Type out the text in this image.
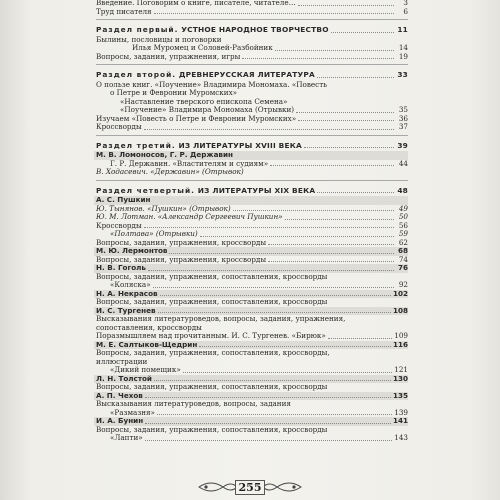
Введение. Поговорим о книге, писателе, читателе…	3
Труд писателя	6
Раздел первый. УСТНОЕ НАРОДНОЕ ТВОРЧЕСТВО	11
Былины, пословицы и поговорки
Илья Муромец и Соловей-Разбойник	14
Вопросы, задания, упражнения, игры	19
Раздел второй. ДРЕВНЕРУССКАЯ ЛИТЕРАТУРА	33
О пользе книг. «Поучение» Владимира Мономаха. «Повесть
о Петре и Февронии Муромских»
«Наставление тверского епископа Семена»
«Поучение» Владимира Мономаха (Отрывки)	35
Изучаем «Повесть о Петре и Февронии Муромских»	36
Кроссворды	37
Раздел третий. ИЗ ЛИТЕРАТУРЫ XVIII ВЕКА	39
М. В. Ломоносов, Г. Р. Державин
Г. Р. Державин. «Властителям и судиям»	44
В. Ходасевич. «Державин» (Отрывок)
Раздел четвертый. ИЗ ЛИТЕРАТУРЫ XIX ВЕКА	48
А. С. Пушкин
Ю. Тынянов. «Пушкин» (Отрывок)	49
Ю. М. Лотман. «Александр Сергеевич Пушкин»	50
Кроссворды	56
«Полтава» (Отрывки)	59
Вопросы, задания, упражнения, кроссворды	62
М. Ю. Лермонтов	68
Вопросы, задания, упражнения, кроссворды	74
Н. В. Гоголь	76
Вопросы, задания, упражнения, сопоставления, кроссворды
«Коляска»	92
Н. А. Некрасов	102
Вопросы, задания, упражнения, сопоставления, кроссворды
И. С. Тургенев	108
Высказывания литературоведов, вопросы, задания, упражнения,
сопоставления, кроссворды
Поразмышляем над прочитанным. И. С. Тургенев. «Бирюк»	109
М. Е. Салтыков-Щедрин	116
Вопросы, задания, упражнения, сопоставления, кроссворды,
иллюстрации
«Дикий помещик»	121
Л. Н. Толстой	130
Вопросы, задания, упражнения, сопоставления, кроссворды
А. П. Чехов	135
Высказывания литературоведов, вопросы, задания
«Размазня»	139
И. А. Бунин	141
Вопросы, задания, упражнения, сопоставления, кроссворды
«Лапти»	143
255
